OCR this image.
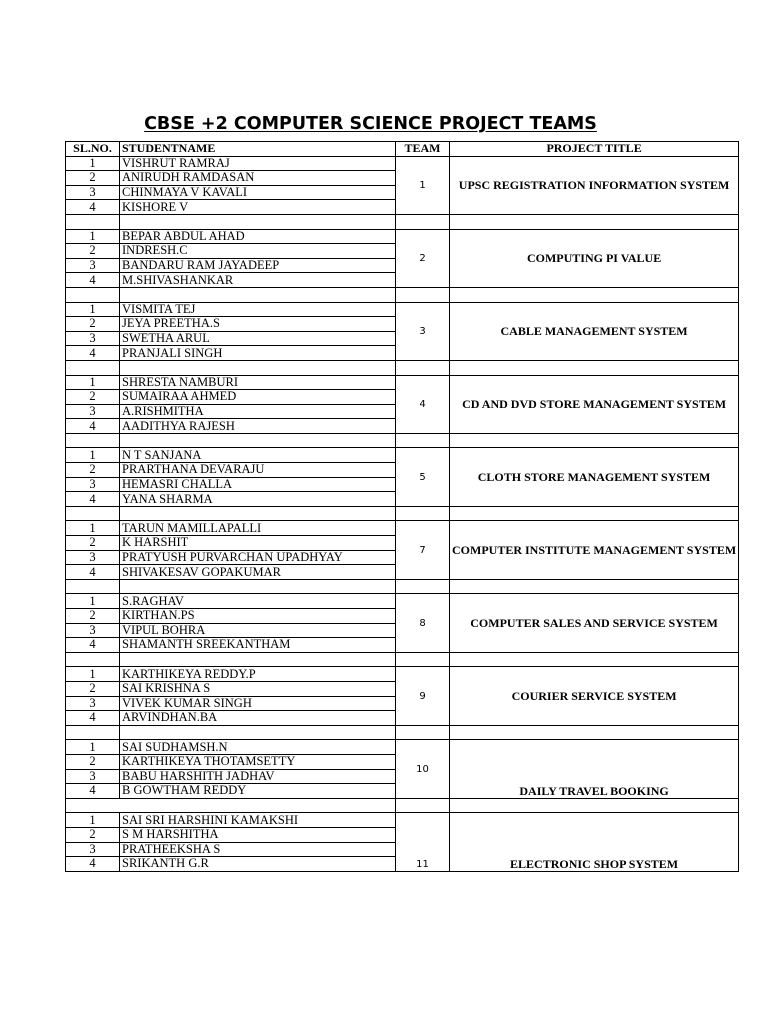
CBSE +2 COMPUTER SCIENCE PROJECT TEAMS
SL.NO.	STUDENTNAME	TEAM	PROJECT TITLE
1	VISHRUT RAMRAJ	1	UPSC REGISTRATION INFORMATION SYSTEM
2	ANIRUDH RAMDASAN		
3	CHINMAYA V KAVALI		
4	KISHORE V		

1	BEPAR ABDUL AHAD	2	COMPUTING PI VALUE
2	INDRESH.C		
3	BANDARU RAM JAYADEEP		
4	M.SHIVASHANKAR		

1	VISMITA TEJ	3	CABLE MANAGEMENT SYSTEM
2	JEYA PREETHA.S		
3	SWETHA ARUL		
4	PRANJALI SINGH		

1	SHRESTA NAMBURI	4	CD AND DVD STORE MANAGEMENT SYSTEM
2	SUMAIRAA AHMED		
3	A.RISHMITHA		
4	AADITHYA RAJESH		

1	N T SANJANA	5	CLOTH STORE MANAGEMENT SYSTEM
2	PRARTHANA DEVARAJU		
3	HEMASRI CHALLA		
4	YANA SHARMA		

1	TARUN MAMILLAPALLI	7	COMPUTER INSTITUTE MANAGEMENT SYSTEM
2	K HARSHIT		
3	PRATYUSH PURVARCHAN UPADHYAY		
4	SHIVAKESAV GOPAKUMAR		

1	S.RAGHAV	8	COMPUTER SALES AND SERVICE SYSTEM
2	KIRTHAN.PS		
3	VIPUL BOHRA		
4	SHAMANTH SREEKANTHAM		

1	KARTHIKEYA REDDY.P	9	COURIER SERVICE SYSTEM
2	SAI KRISHNA S		
3	VIVEK KUMAR SINGH		
4	ARVINDHAN.BA		

1	SAI SUDHAMSH.N	10	DAILY TRAVEL BOOKING
2	KARTHIKEYA THOTAMSETTY		
3	BABU HARSHITH JADHAV		
4	B GOWTHAM REDDY		

1	SAI SRI HARSHINI KAMAKSHI	11	ELECTRONIC SHOP SYSTEM
2	S M HARSHITHA		
3	PRATHEEKSHA S		
4	SRIKANTH G.R		
